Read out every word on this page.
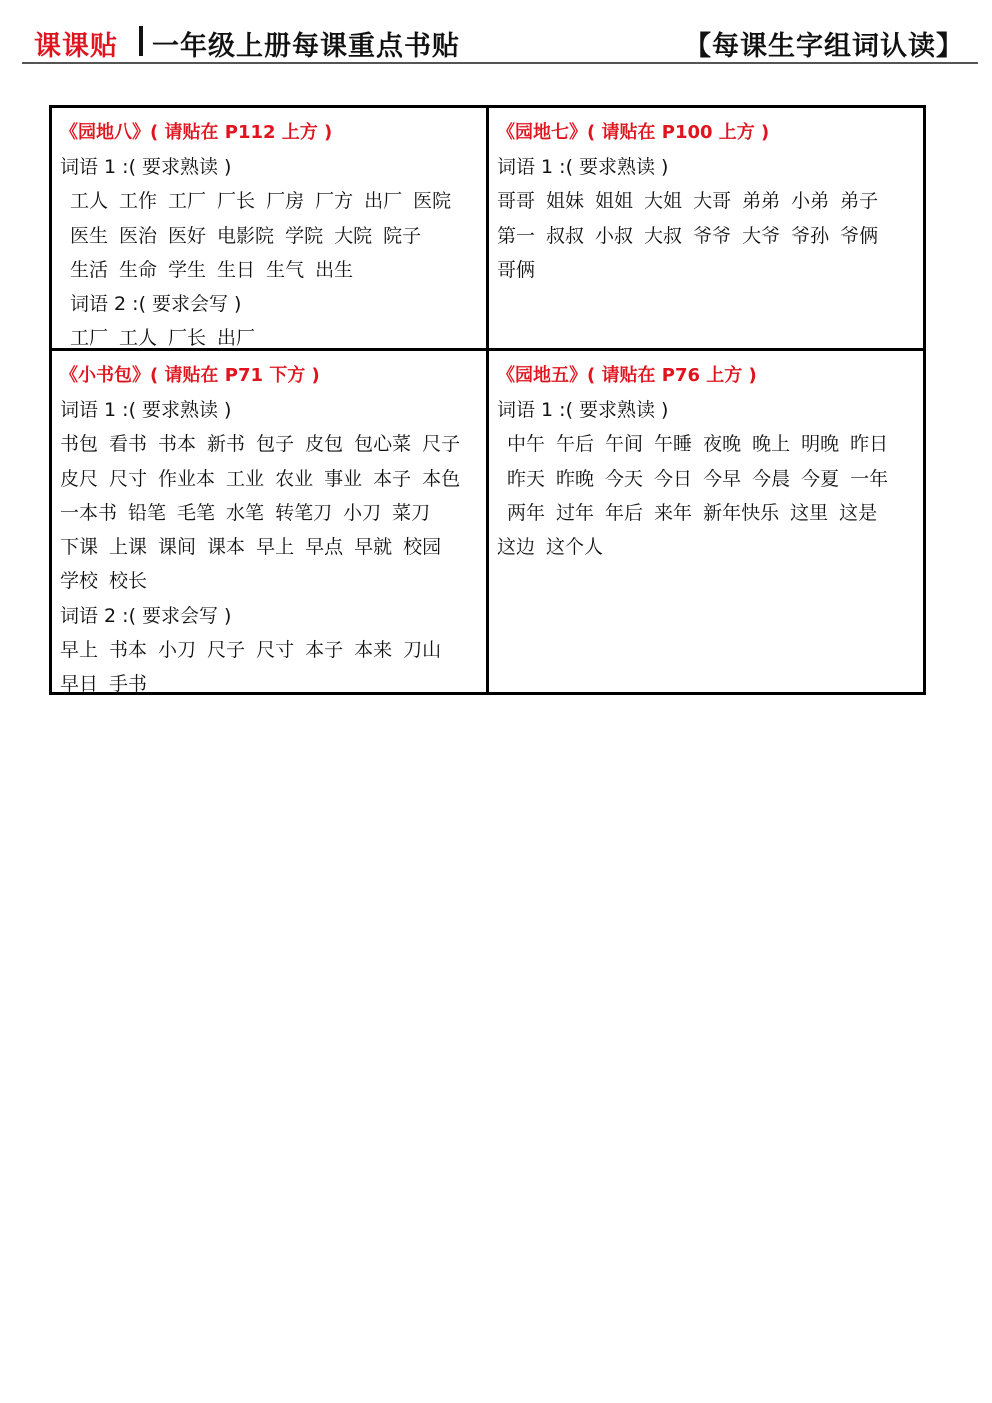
课课贴 一年级上册每课重点书贴	【每课生字组词认读】
《园地八》( 请贴在 P112 上方 )
词语 1 :( 要求熟读 )
工人 工作 工厂 厂长 厂房 厂方 出厂 医院
医生 医治 医好 电影院 学院 大院 院子
生活 生命 学生 生日 生气 出生
词语 2 :( 要求会写 )
工厂 工人 厂长 出厂
《园地七》( 请贴在 P100 上方 )
词语 1 :( 要求熟读 )
哥哥 姐妹 姐姐 大姐 大哥 弟弟 小弟 弟子
第一 叔叔 小叔 大叔 爷爷 大爷 爷孙 爷俩
哥俩
《小书包》( 请贴在 P71 下方 )
词语 1 :( 要求熟读 )
书包 看书 书本 新书 包子 皮包 包心菜 尺子
皮尺 尺寸 作业本 工业 农业 事业 本子 本色
一本书 铅笔 毛笔 水笔 转笔刀 小刀 菜刀
下课 上课 课间 课本 早上 早点 早就 校园
学校 校长
词语 2 :( 要求会写 )
早上 书本 小刀 尺子 尺寸 本子 本来 刀山
早日 手书
《园地五》( 请贴在 P76 上方 )
词语 1 :( 要求熟读 )
中午 午后 午间 午睡 夜晚 晚上 明晚 昨日
昨天 昨晚 今天 今日 今早 今晨 今夏 一年
两年 过年 年后 来年 新年快乐 这里 这是
这边 这个人
